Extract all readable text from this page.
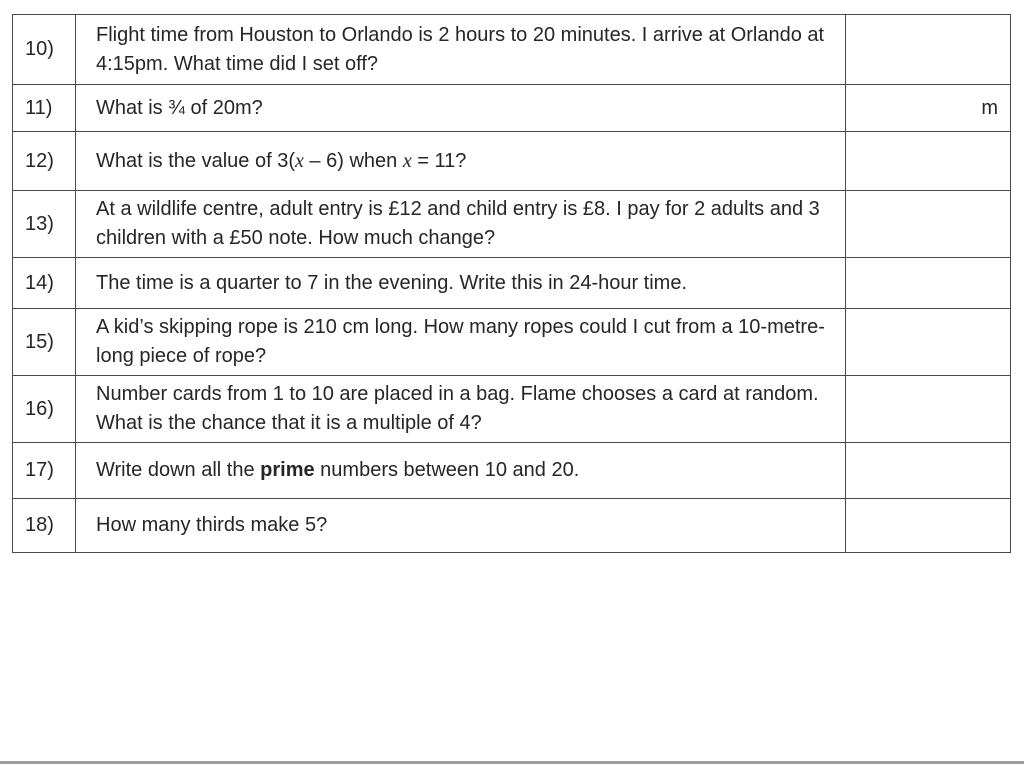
10)	Flight time from Houston to Orlando is 2 hours to 20 minutes. I arrive at Orlando at 4:15pm. What time did I set off?	
11)	What is ¾ of 20m?	m
12)	What is the value of 3(x – 6) when x = 11?	
13)	At a wildlife centre, adult entry is £12 and child entry is £8. I pay for 2 adults and 3 children with a £50 note. How much change?	
14)	The time is a quarter to 7 in the evening. Write this in 24-hour time.	
15)	A kid’s skipping rope is 210 cm long. How many ropes could I cut from a 10-metre-long piece of rope?	
16)	Number cards from 1 to 10 are placed in a bag. Flame chooses a card at random. What is the chance that it is a multiple of 4?	
17)	Write down all the prime numbers between 10 and 20.	
18)	How many thirds make 5?	
